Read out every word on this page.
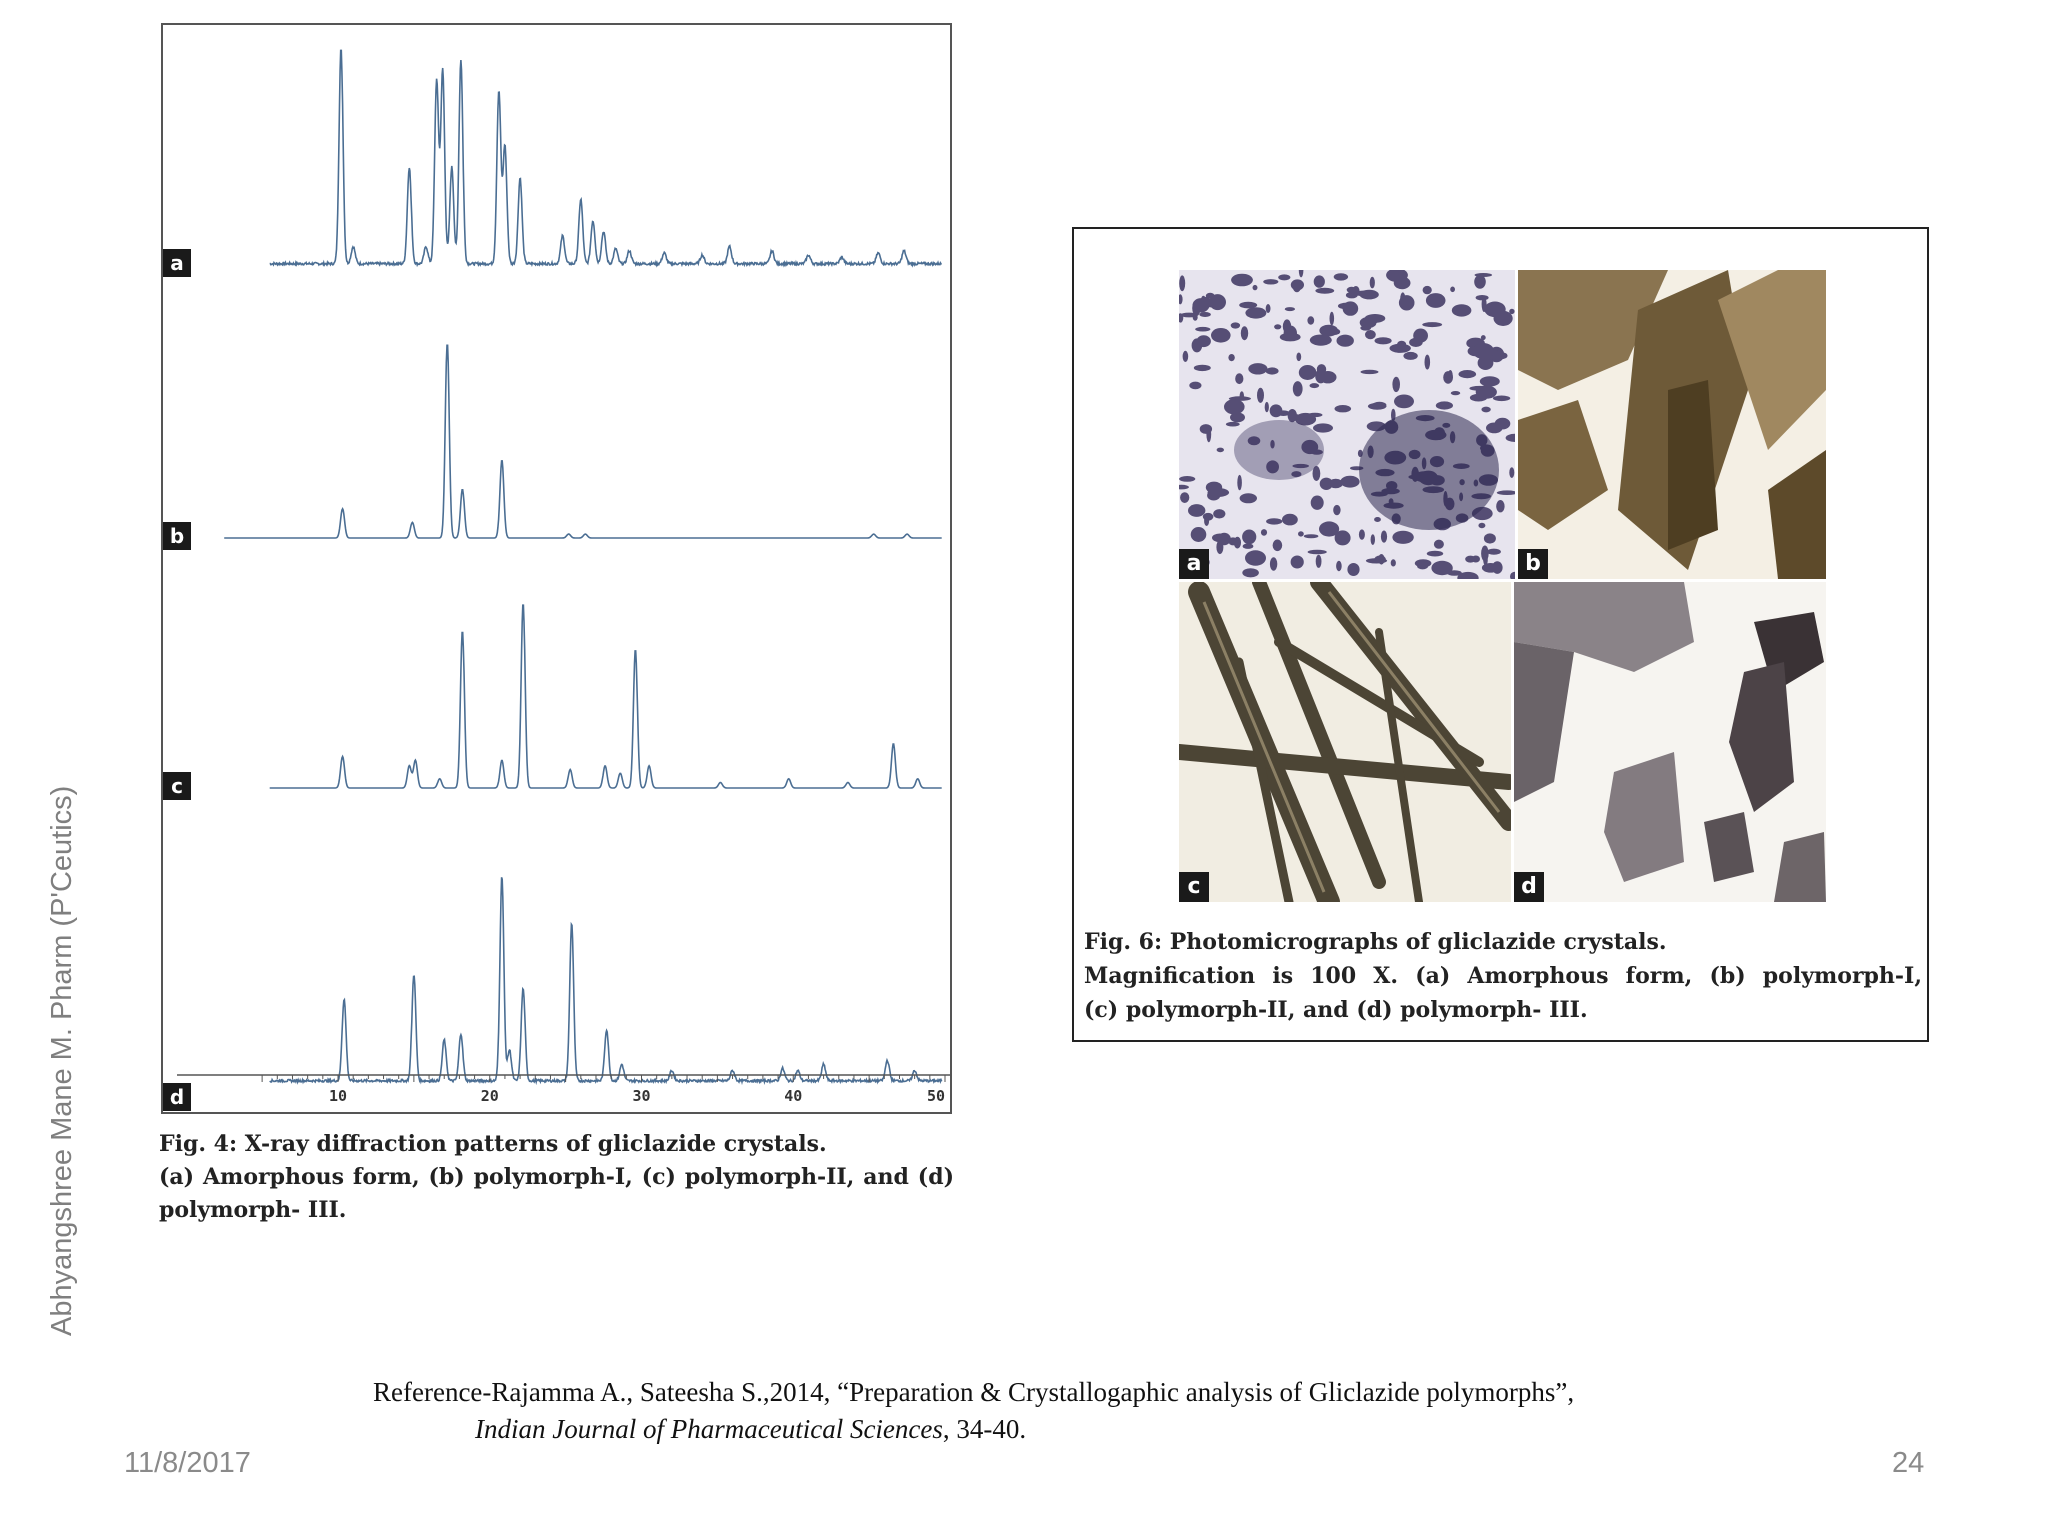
Abhyangshree Mane M. Pharm (P'Ceutics)
a
b
c
d	10	20	30	40	50
Fig. 4: X-ray diffraction patterns of gliclazide crystals.

(a) Amorphous form, (b) polymorph-I, (c) polymorph-II, and (d)
polymorph- III.
a	b
c	d
Fig. 6: Photomicrographs of gliclazide crystals.

Magnification is 100 X. (a) Amorphous form, (b) polymorph-I,
(c) polymorph-II, and (d) polymorph- III.
Reference-Rajamma A., Sateesha S.,2014, “Preparation & Crystallogaphic analysis of Gliclazide polymorphs”,
Indian Journal of Pharmaceutical Sciences, 34-40.
11/8/2017	24
